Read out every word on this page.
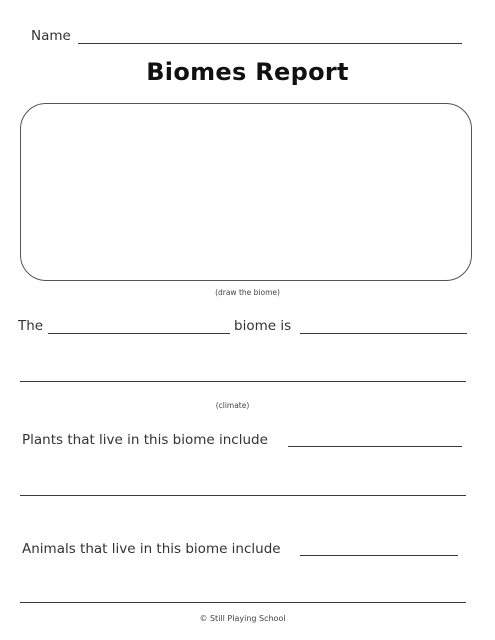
Name
Biomes Report
(draw the biome)
The	biome is
(climate)
Plants that live in this biome include
Animals that live in this biome include
© Still Playing School
